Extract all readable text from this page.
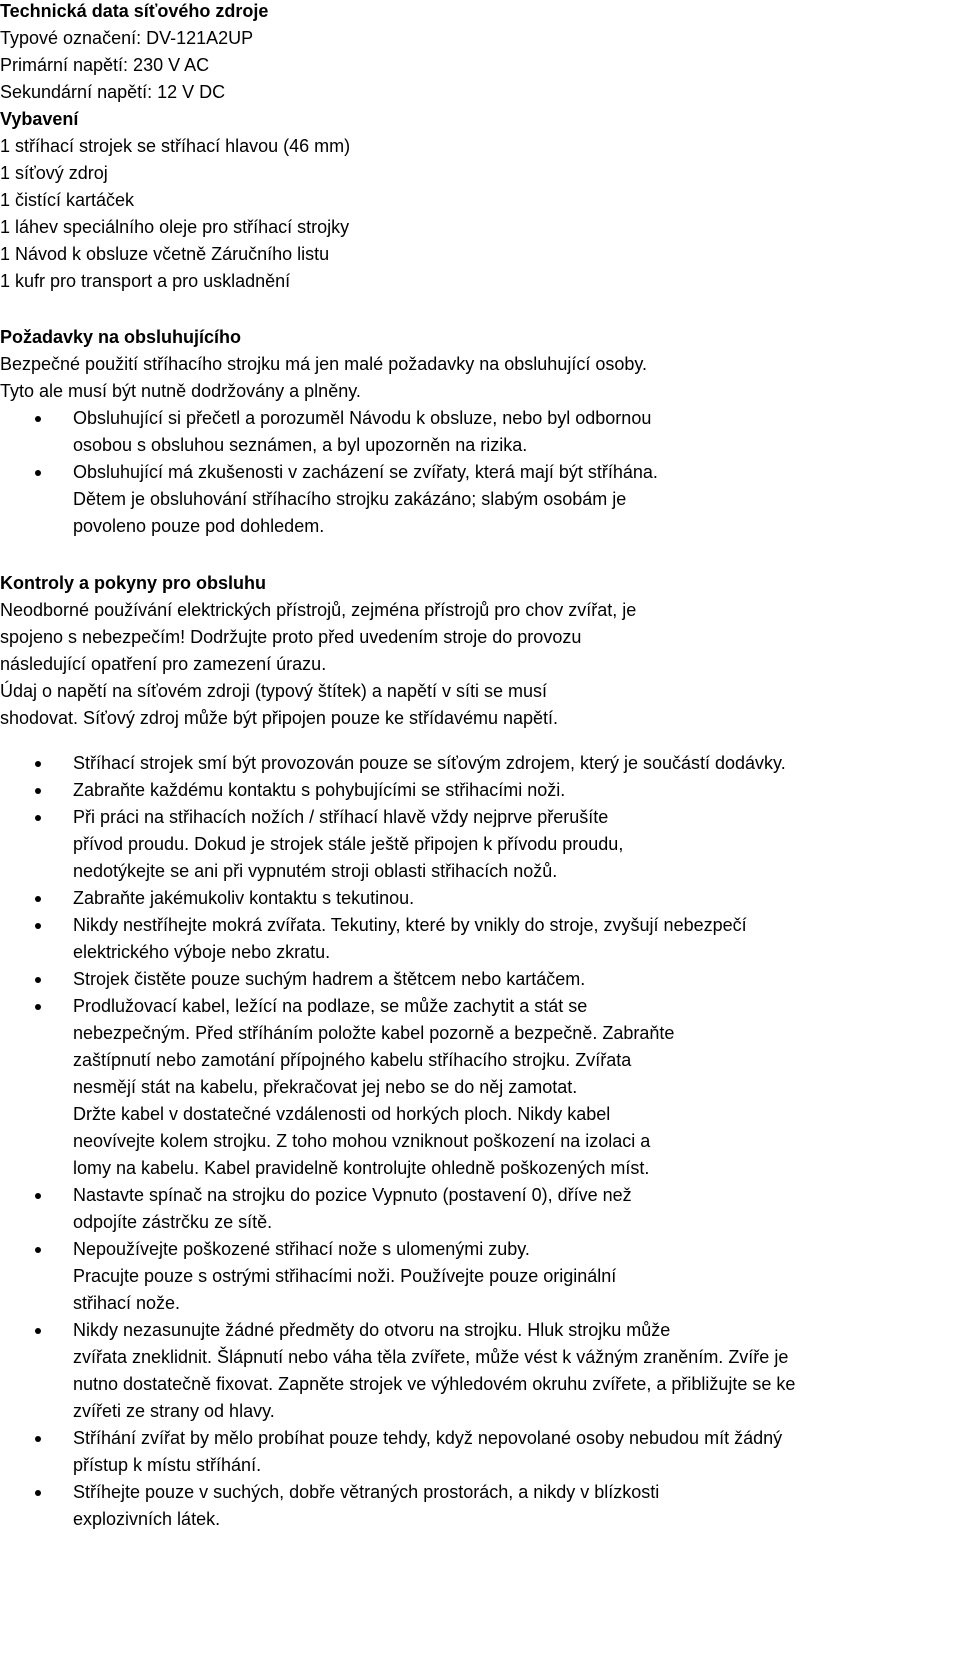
Technická data síťového zdroje
Typové označení: DV-121A2UP
Primární napětí: 230 V AC
Sekundární napětí: 12 V DC
Vybavení
1 stříhací strojek se stříhací hlavou (46 mm)
1 síťový zdroj
1 čistící kartáček
1 láhev speciálního oleje pro stříhací strojky
1 Návod k obsluze včetně Záručního listu
1 kufr pro transport a pro uskladnění
Požadavky na obsluhujícího
Bezpečné použití stříhacího strojku má jen malé požadavky na obsluhující osoby.
Tyto ale musí být nutně dodržovány a plněny.
Obsluhující si přečetl a porozuměl Návodu k obsluze, nebo byl odbornou
osobou s obsluhou seznámen, a byl upozorněn na rizika.
Obsluhující má zkušenosti v zacházení se zvířaty, která mají být stříhána.
Dětem je obsluhování stříhacího strojku zakázáno; slabým osobám je
povoleno pouze pod dohledem.
Kontroly a pokyny pro obsluhu
Neodborné používání elektrických přístrojů, zejména přístrojů pro chov zvířat, je
spojeno s nebezpečím! Dodržujte proto před uvedením stroje do provozu
následující opatření pro zamezení úrazu.
Údaj o napětí na síťovém zdroji (typový štítek) a napětí v síti se musí
shodovat. Síťový zdroj může být připojen pouze ke střídavému napětí.
Stříhací strojek smí být provozován pouze se síťovým zdrojem, který je součástí dodávky.
Zabraňte každému kontaktu s pohybujícími se střihacími noži.
Při práci na střihacích nožích / stříhací hlavě vždy nejprve přerušíte
přívod proudu. Dokud je strojek stále ještě připojen k přívodu proudu,
nedotýkejte se ani při vypnutém stroji oblasti střihacích nožů.
Zabraňte jakémukoliv kontaktu s tekutinou.
Nikdy nestříhejte mokrá zvířata. Tekutiny, které by vnikly do stroje, zvyšují nebezpečí
elektrického výboje nebo zkratu.
Strojek čistěte pouze suchým hadrem a štětcem nebo kartáčem.
Prodlužovací kabel, ležící na podlaze, se může zachytit a stát se
nebezpečným. Před stříháním položte kabel pozorně a bezpečně. Zabraňte
zaštípnutí nebo zamotání přípojného kabelu stříhacího strojku. Zvířata
nesmějí stát na kabelu, překračovat jej nebo se do něj zamotat.
Držte kabel v dostatečné vzdálenosti od horkých ploch. Nikdy kabel
neovívejte kolem strojku. Z toho mohou vzniknout poškození na izolaci a
lomy na kabelu. Kabel pravidelně kontrolujte ohledně poškozených míst.
Nastavte spínač na strojku do pozice Vypnuto (postavení 0), dříve než
odpojíte zástrčku ze sítě.
Nepoužívejte poškozené střihací nože s ulomenými zuby.
Pracujte pouze s ostrými střihacími noži. Používejte pouze originální
střihací nože.
Nikdy nezasunujte žádné předměty do otvoru na strojku. Hluk strojku může
zvířata zneklidnit. Šlápnutí nebo váha těla zvířete, může vést k vážným zraněním. Zvíře je
nutno dostatečně fixovat. Zapněte strojek ve výhledovém okruhu zvířete, a přibližujte se ke
zvířeti ze strany od hlavy.
Stříhání zvířat by mělo probíhat pouze tehdy, když nepovolané osoby nebudou mít žádný
přístup k místu stříhání.
Stříhejte pouze v suchých, dobře větraných prostorách, a nikdy v blízkosti
explozivních látek.
